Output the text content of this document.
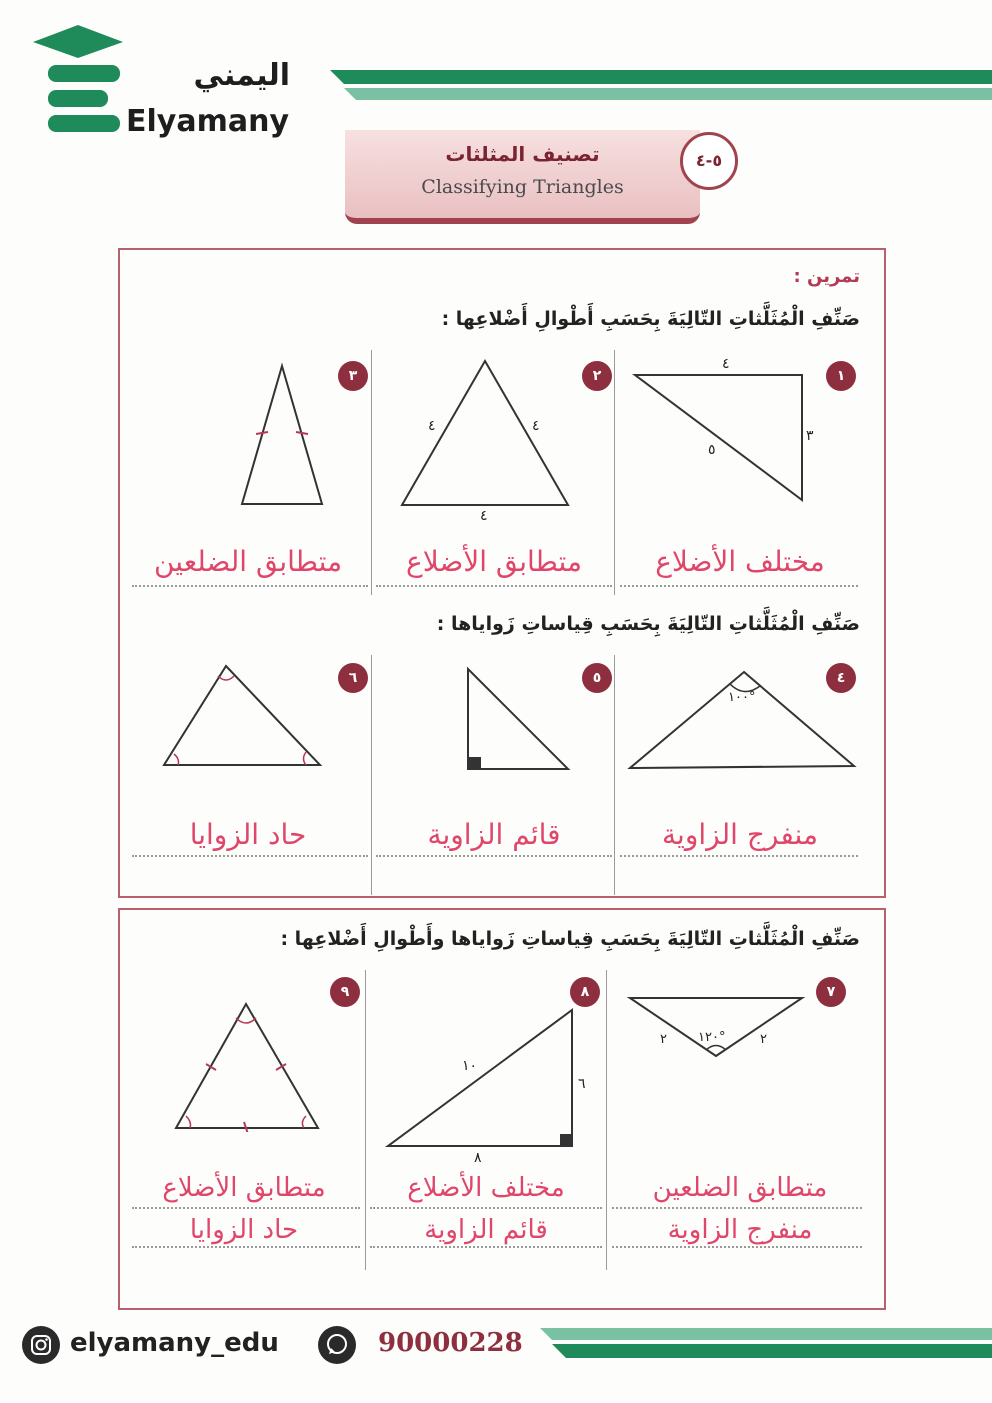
اليمني
Elyamany
تصنيف المثلثات
Classifying Triangles
٥-٤
تمرين :
صَنِّفِ الْمُثَلَّثاتِ التّالِيَةَ بِحَسَبِ أَطْوالِ أَضْلاعِها :
١
٤
٣
٥
مختلف الأضلاع
٢
٤	٤
٤
متطابق الأضلاع
٣
متطابق الضلعين
صَنِّفِ الْمُثَلَّثاتِ التّالِيَةَ بِحَسَبِ قِياساتِ زَواياها :
٤
١٠٠°
منفرج الزاوية
٥
قائم الزاوية
٦
حاد الزوايا
صَنِّفِ الْمُثَلَّثاتِ التّالِيَةَ بِحَسَبِ قِياساتِ زَواياها وأَطْوالِ أَضْلاعِها :
٧
١٢٠°
٢	٢
متطابق الضلعين
منفرج الزاوية
٨
١٠
٦
٨
مختلف الأضلاع
قائم الزاوية
٩
متطابق الأضلاع
حاد الزوايا
elyamany_edu	90000228
